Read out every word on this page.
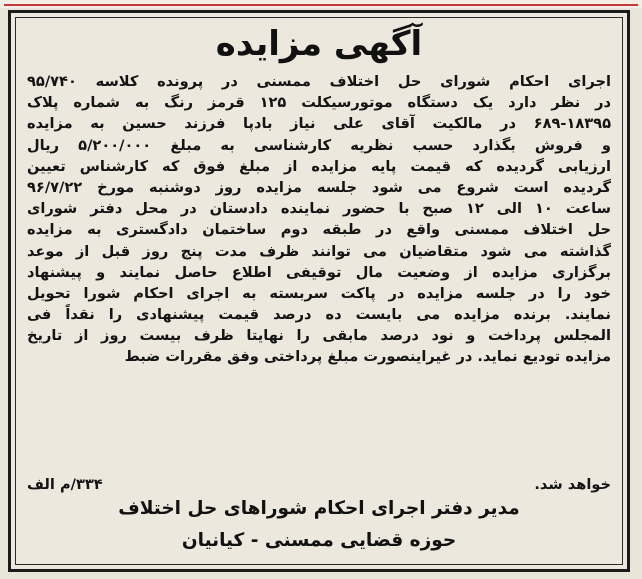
آگهی مزایده
اجرای احکام شورای حل اختلاف ممسنی در پرونده کلاسه ۹۵/۷۴۰
در نظر دارد یک دستگاه موتورسیکلت ۱۲۵ قرمز رنگ به شماره پلاک
۶۸۹-۱۸۳۹۵ در مالکیت آقای علی نیاز بادپا فرزند حسین به مزایده
و فروش بگذارد حسب نظریه کارشناسی به مبلغ ۵/۲۰۰/۰۰۰ ریال
ارزیابی گردیده که قیمت پایه مزایده از مبلغ فوق که کارشناس تعیین
گردیده است شروع می شود جلسه مزایده روز دوشنبه مورخ ۹۶/۷/۲۲
ساعت ۱۰ الی ۱۲ صبح با حضور نماینده دادستان در محل دفتر شورای
حل اختلاف ممسنی واقع در طبقه دوم ساختمان دادگستری به مزایده
گذاشته می شود متقاضیان می توانند ظرف مدت پنج روز قبل از موعد
برگزاری مزایده از وضعیت مال توقیفی اطلاع حاصل نمایند و پیشنهاد
خود را در جلسه مزایده در پاکت سربسته به اجرای احکام شورا تحویل
نمایند. برنده مزایده می بایست ده درصد قیمت پیشنهادی را نقداً فی
المجلس پرداخت و نود درصد مابقی را نهایتا ظرف بیست روز از تاریخ
مزایده تودیع نماید. در غیراینصورت مبلغ پرداختی وفق مقررات ضبط
خواهد شد.
۳۳۴/م الف
مدیر دفتر اجرای احکام شوراهای حل اختلاف
حوزه قضایی ممسنی - کیانیان
